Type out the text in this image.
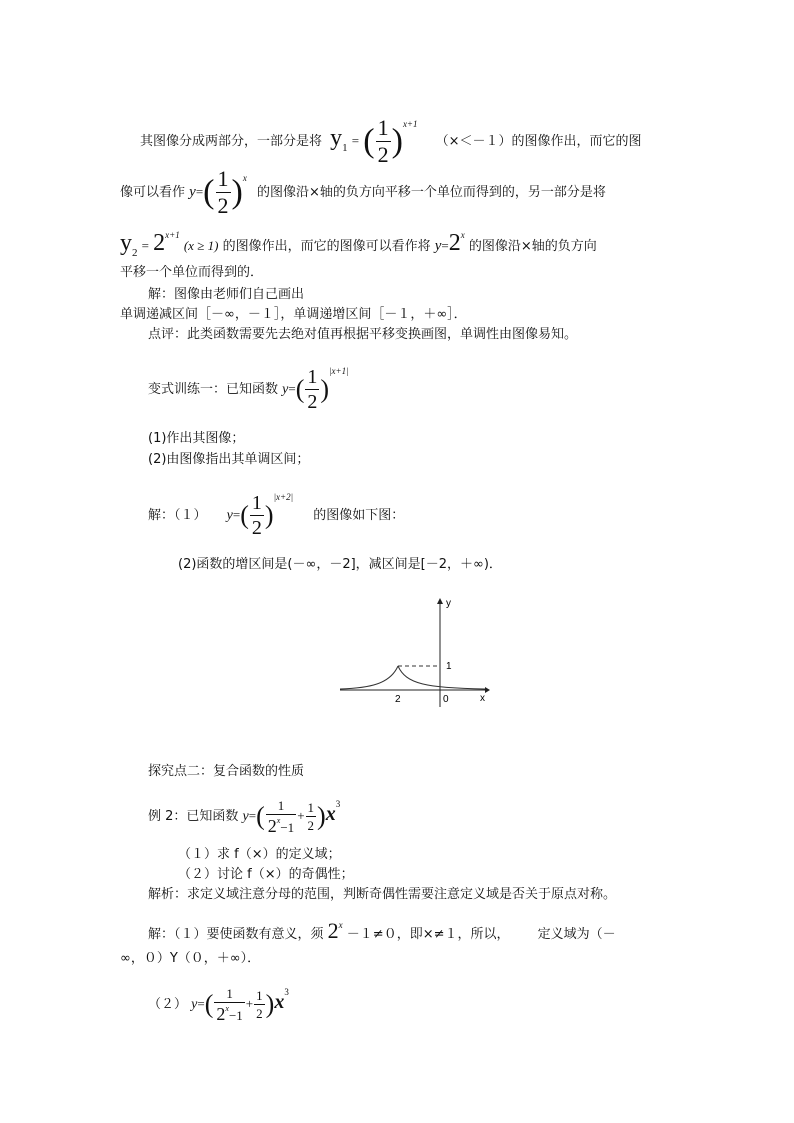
其图像分成两部分，一部分是将 $y_1$ = ( $\frac{1}{2} )^{x+1}$ （×＜－１）的图像作出，而它的图
像可以看作 $y=( \frac{1}{2} )^x$ 的图像沿×轴的负方向平移一个单位而得到的，另一部分是将
$y_2 = 2^{x+1}$ (x ≥ 1) 的图像作出，而它的图像可以看作将 $y=2^x$ 的图像沿×轴的负方向
平移一个单位而得到的．
解：图像由老师们自己画出
单调递减区间［－∞，－１］，单调递增区间［－１，＋∞］．
点评：此类函数需要先去绝对值再根据平移变换画图，单调性由图像易知。
变式训练一：已知函数 $y=( \frac{1}{2} )^{|x+1|}$
(1)作出其图像；
(2)由图像指出其单调区间；
解：（１） $y=( \frac{1}{2} )^{|x+2|}$ 的图像如下图：
(2)函数的增区间是(－∞，－2]，减区间是[－2，＋∞)．
y
x
1
2	0
探究点二：复合函数的性质
例 2：已知函数 $y=( \frac{1}{2^x-1} + \frac{1}{2} )x^3$
（１）求 f（×）的定义域；
（２）讨论 f（×）的奇偶性；
解析：求定义域注意分母的范围，判断奇偶性需要注意定义域是否关于原点对称。
解：（１）要使函数有意义，须 $2^x -1\ne 0$，即×≠１，所以， 定义域为（－
∞，０）Y（０，＋∞）．
（２） $y=( \frac{1}{2^x-1} + \frac{1}{2} )x^3$
